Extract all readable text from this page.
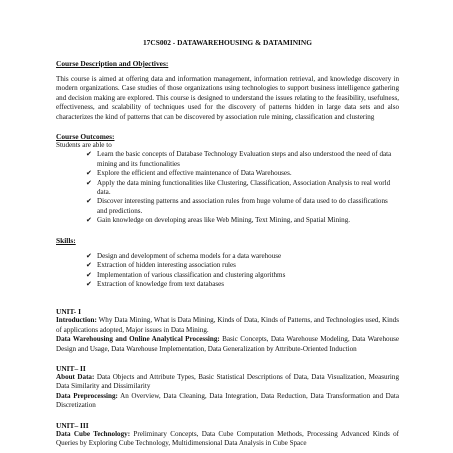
17CS002 - DATAWAREHOUSING & DATAMINING
Course Description and Objectives:

This course is aimed at offering data and information management, information retrieval, and knowledge discovery in modern organizations. Case studies of those organizations using technologies to support business intelligence gathering and decision making are explored. This course is designed to understand the issues relating to the feasibility, usefulness, effectiveness, and scalability of techniques used for the discovery of patterns hidden in large data sets and also characterizes the kind of patterns that can be discovered by association rule mining, classification and clustering

Course Outcomes:

Students are able to

✔ Learn the basic concepts of Database Technology Evaluation steps and also understood the need of data mining and its functionalities
✔ Explore the efficient and effective maintenance of Data Warehouses.
✔ Apply the data mining functionalities like Clustering, Classification, Association Analysis to real world data.
✔ Discover interesting patterns and association rules from huge volume of data used to do classifications and predictions.
✔ Gain knowledge on developing areas like Web Mining, Text Mining, and Spatial Mining.
Skills:
✔ Design and development of schema models for a data warehouse
✔ Extraction of hidden interesting association rules
✔ Implementation of various classification and clustering algorithms
✔ Extraction of knowledge from text databases
UNIT- I

Introduction: Why Data Mining, What is Data Mining, Kinds of Data, Kinds of Patterns, and Technologies used, Kinds of applications adopted, Major issues in Data Mining.

Data Warehousing and Online Analytical Processing: Basic Concepts, Data Warehouse Modeling, Data Warehouse Design and Usage, Data Warehouse Implementation, Data Generalization by Attribute-Oriented Induction

UNIT– II

About Data: Data Objects and Attribute Types, Basic Statistical Descriptions of Data, Data Visualization, Measuring Data Similarity and Dissimilarity

Data Preprocessing: An Overview, Data Cleaning, Data Integration, Data Reduction, Data Transformation and Data Discretization

UNIT– III

Data Cube Technology: Preliminary Concepts, Data Cube Computation Methods, Processing Advanced Kinds of Queries by Exploring Cube Technology, Multidimensional Data Analysis in Cube Space
